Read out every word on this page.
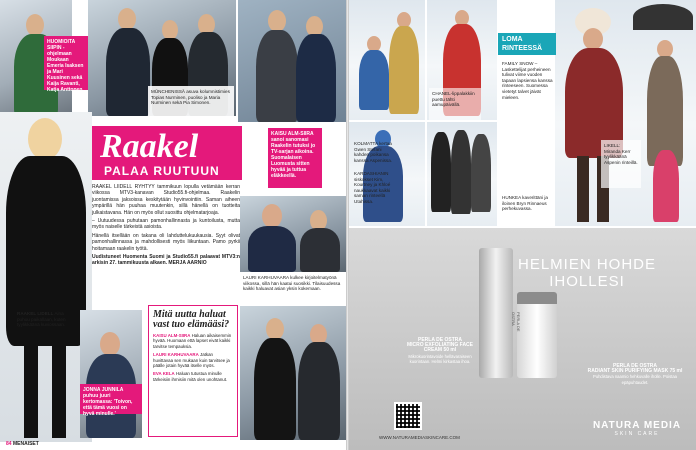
HUOMIOITA SIIPIN - ohjelmaan Moukaan Emeria Isaksen ja Mari Kuusinen sekä Kaija Ravanti, Katja Anttonen.	MÜNCHENISSÄ asuva kolumnistimies Topias Nurminen, puoliso ja Maria Nurminen sekä Pia Simonen.
KAISU ALM-SIIRA sanoi sanomasi Raakelin tutuksi jo TV-sarjan aikoina. Suomalaisen Luomusta sitten hyvää ja tuttua eläkkeellä.
RAAKEL LIDELL Aina puhuu paikallaan, kuten tyylikkäänä kuviossaan.
Raakel
PALAA RUUTUUN

RAAKEL LIIDELL RYHTYY tammikuun lopulla vetämään kerran viikossa MTV3-kanavan Studio55.fi-ohjelmaa. Raakelin juontamissa jaksoissa keskitytään hyvinvointiin. Saman aiheen ympärillä hän puuhaa muutenkin, sillä hänellä on tuotteita julkaistavana. Hän on myös ollut suosittu ohjelmatarjoaja.

– Uutuudessa puhutaan pamonhallinnasta ja kuntoilusta, mutta myös naiselle tärkeistä asioista.

Hänellä itsellään on takana oli lahduttelukuukausia. Syyt olivat pamonhallinnassa ja mahdollisesti myös liikuntaan. Pamo pyrkii hoitamaan raakelin työtä.

Uudistuneet Huomenta Suomi ja Studio55.fi palaavat MTV3:n arkisin 27. tammikuusta alkaen. MERJA AARNIO

LAURI KARHUVAARA kulkee kirjoitelmatyönä viikossa, sillä hän kaatui suosikki. Tilaisuudessa kaikki haluavat asian yksin kokemaan.
JONNA JUNNILA puhuu juuri kertomassa: 'Toivon, että tämä vuosi on hyvä minulle.'
Mitä uutta haluat vast tuo elämääsi?
KAISU ALM-SIIRA Haluan aikaisemmin hyvää. Huomaan että lapset eivät kaikki tarvitse tempauksia.
LAURI KARHUVAARA Jatkan huvittavaa sen mukaan kuin tarvitsee ja päälle jotain hyvää itselle myös.
EVA KELA Haluan tutustua minulle tärkeisiin ihmisiin mitä olen unohtanut.
84 MENAISET
CHANEL-lippalakkiin puettu tähti aamupäivällä.
KOLMATTA kertaa Gwen Stefani kahden poikansa kanssa Aspenissa.
KARDASHIANIN siskokset Kim, Kourtney ja Khloé naukkaavat kaikki saman rinteellä Utahissa.
FAMILY SNOW – Laskettelijat perheineen tulivat viime vuoden tapaan lapsiensa kanssa rinteeseen. Suomessa vietetyt talvet jäivät mieleen.
LIKELL: Miranda Kerr tyylikkäänä Aspenin rinteillä.
HUNKEA kaverittäni ja iloinen Bryn Rinnaeus perhekuvassa.
LOMA
RINTEESSÄ
HELMIEN HOHDE
IHOLLESI
PERLA DE OSTRA
PERLA DE OSTRA
MICRO EXFOLIATING FACE CREAM 50 ml
Mikrokuorintavoide hellävaraiseen kuorintaan. Helmi kirkastaa ihoa.
PERLA DE OSTRA
RADIANT SKIN PURIFYING MASK 75 ml
Puhdistava naamio hehkuvalle iholle. Poistaa epäpuhtaudet.
WWW.NATURAMEDIASKINCARE.COM
NATURA MEDIA
SKIN CARE
